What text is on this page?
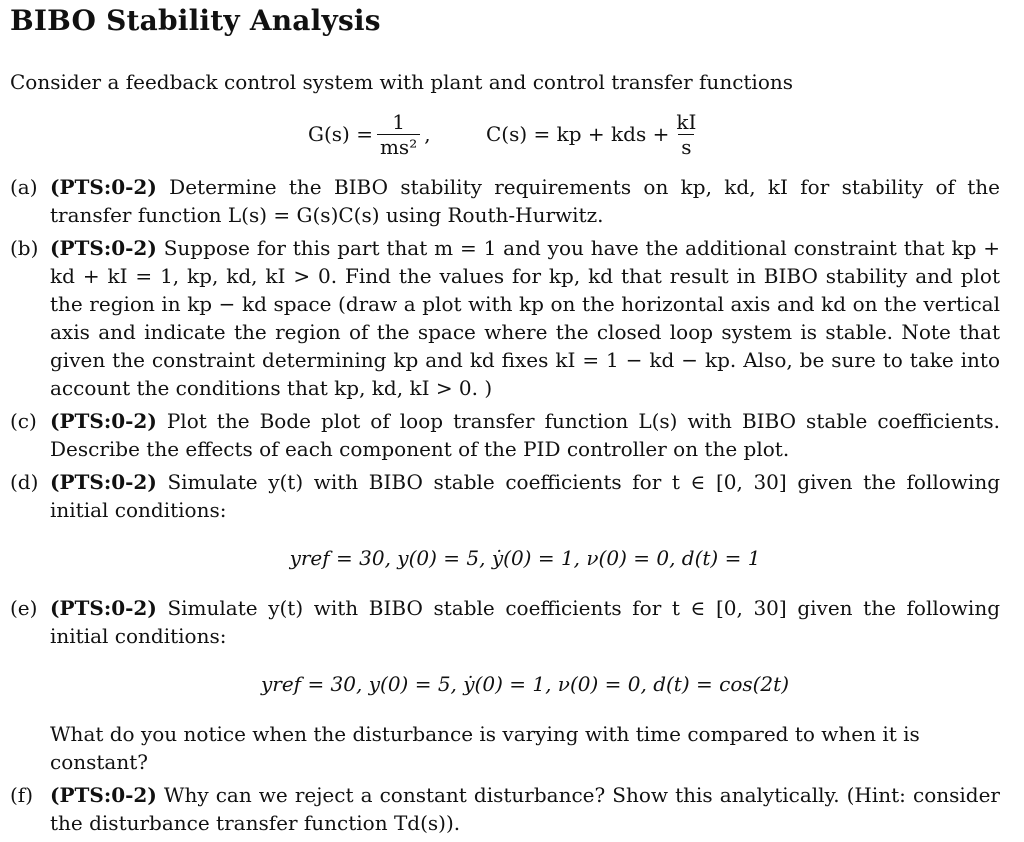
BIBO Stability Analysis
Consider a feedback control system with plant and control transfer functions
$G(s) = \frac{1}{\text{ms²}}$ ,	C(s) = kp + kds + $\frac{kI}{s}$
(a) (PTS:0-2) Determine the BIBO stability requirements on kp, kd, kI for stability of the transfer function L(s) = G(s)C(s) using Routh-Hurwitz.
(b) (PTS:0-2) Suppose for this part that m = 1 and you have the additional constraint that kp + kd + kI = 1, kp, kd, kI > 0. Find the values for kp, kd that result in BIBO stability and plot the region in kp − kd space (draw a plot with kp on the horizontal axis and kd on the vertical axis and indicate the region of the space where the closed loop system is stable. Note that given the constraint determining kp and kd fixes kI = 1 − kd − kp. Also, be sure to take into account the conditions that kp, kd, kI > 0. )
(c) (PTS:0-2) Plot the Bode plot of loop transfer function L(s) with BIBO stable coefficients. Describe the effects of each component of the PID controller on the plot.
(d) (PTS:0-2) Simulate y(t) with BIBO stable coefficients for t ∈ [0, 30] given the following initial conditions:
yref = 30, y(0) = 5, ẏ(0) = 1, ν(0) = 0, d(t) = 1
(e) (PTS:0-2) Simulate y(t) with BIBO stable coefficients for t ∈ [0, 30] given the following initial conditions:
yref = 30, y(0) = 5, ẏ(0) = 1, ν(0) = 0, d(t) = cos(2t)
What do you notice when the disturbance is varying with time compared to when it is constant?
(f) (PTS:0-2) Why can we reject a constant disturbance? Show this analytically. (Hint: consider the disturbance transfer function Td(s)).
